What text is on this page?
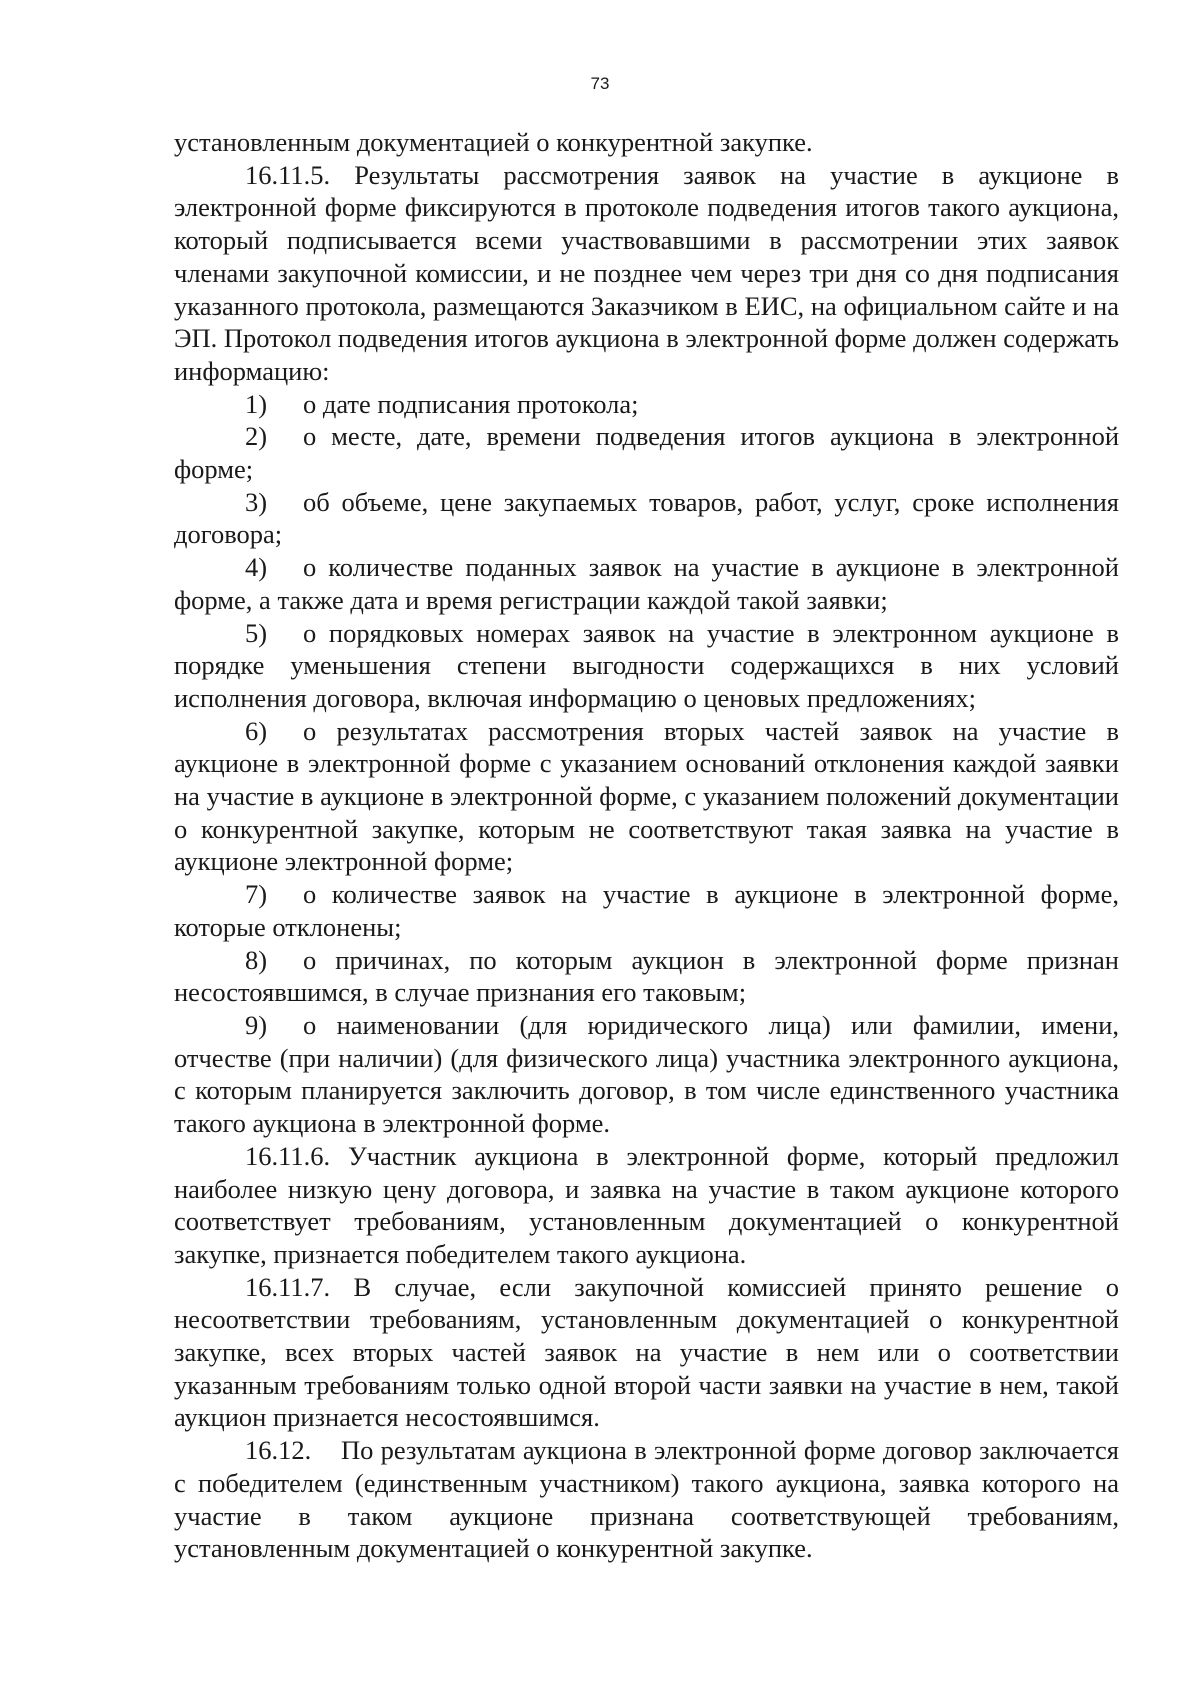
73

установленным документацией о конкурентной закупке.

16.11.5. Результаты рассмотрения заявок на участие в аукционе в электронной форме фиксируются в протоколе подведения итогов такого аукциона, который подписывается всеми участвовавшими в рассмотрении этих заявок членами закупочной комиссии, и не позднее чем через три дня со дня подписания указанного протокола, размещаются Заказчиком в ЕИС, на официальном сайте и на ЭП. Протокол подведения итогов аукциона в электронной форме должен содержать информацию:

1) о дате подписания протокола;

2) о месте, дате, времени подведения итогов аукциона в электронной форме;

3) об объеме, цене закупаемых товаров, работ, услуг, сроке исполнения договора;

4) о количестве поданных заявок на участие в аукционе в электронной форме, а также дата и время регистрации каждой такой заявки;

5) о порядковых номерах заявок на участие в электронном аукционе в порядке уменьшения степени выгодности содержащихся в них условий исполнения договора, включая информацию о ценовых предложениях;

6) о результатах рассмотрения вторых частей заявок на участие в аукционе в электронной форме с указанием оснований отклонения каждой заявки на участие в аукционе в электронной форме, с указанием положений документации о конкурентной закупке, которым не соответствуют такая заявка на участие в аукционе электронной форме;

7) о количестве заявок на участие в аукционе в электронной форме, которые отклонены;

8) о причинах, по которым аукцион в электронной форме признан несостоявшимся, в случае признания его таковым;

9) о наименовании (для юридического лица) или фамилии, имени, отчестве (при наличии) (для физического лица) участника электронного аукциона, с которым планируется заключить договор, в том числе единственного участника такого аукциона в электронной форме.

16.11.6. Участник аукциона в электронной форме, который предложил наиболее низкую цену договора, и заявка на участие в таком аукционе которого соответствует требованиям, установленным документацией о конкурентной закупке, признается победителем такого аукциона.

16.11.7. В случае, если закупочной комиссией принято решение о несоответствии требованиям, установленным документацией о конкурентной закупке, всех вторых частей заявок на участие в нем или о соответствии указанным требованиям только одной второй части заявки на участие в нем, такой аукцион признается несостоявшимся.

16.12. По результатам аукциона в электронной форме договор заключается с победителем (единственным участником) такого аукциона, заявка которого на участие в таком аукционе признана соответствующей требованиям, установленным документацией о конкурентной закупке.
